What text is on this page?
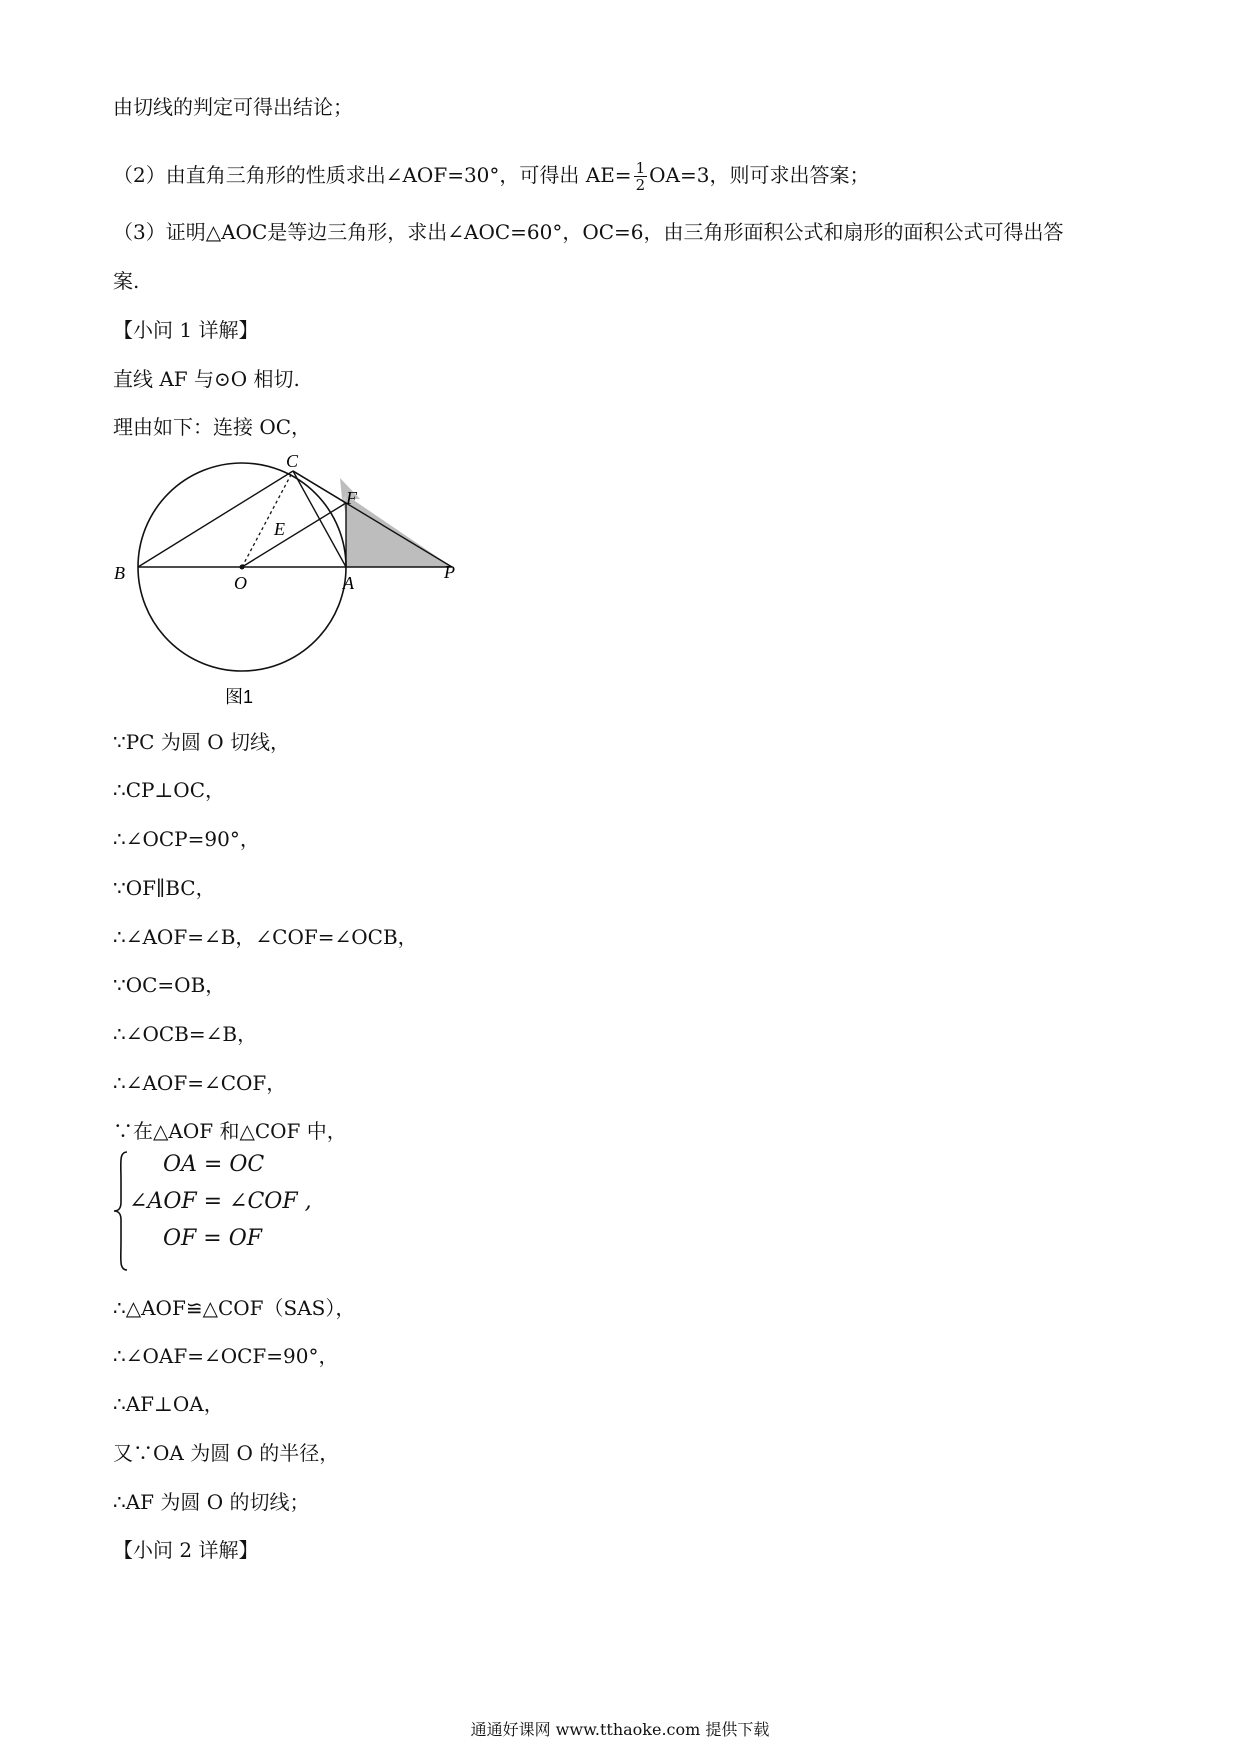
由切线的判定可得出结论；
（2）由直角三角形的性质求出∠AOF=30°，可得出 $AE= \frac{1}{2} OA=3$，则可求出答案；
（3）证明△AOC是等边三角形，求出∠AOC=60°，OC=6，由三角形面积公式和扇形的面积公式可得出答
案.
【小问 1 详解】
直线 AF 与⊙O 相切.
理由如下：连接 OC，
B	O	A
P
C
F
E
图1
∵PC 为圆 O 切线，
∴CP⊥OC，
∴∠OCP=90°，
∵OF∥BC，
∴∠AOF=∠B，∠COF=∠OCB，
∵OC=OB，
∴∠OCB=∠B，
∴∠AOF=∠COF，
∵在△AOF 和△COF 中，
OA = OC
∠AOF = ∠COF ,
OF = OF
∴△AOF≌△COF（SAS），
∴∠OAF=∠OCF=90°，
∴AF⊥OA，
又∵OA 为圆 O 的半径，
∴AF 为圆 O 的切线；
【小问 2 详解】
通通好课网 www.tthaoke.com 提供下载
